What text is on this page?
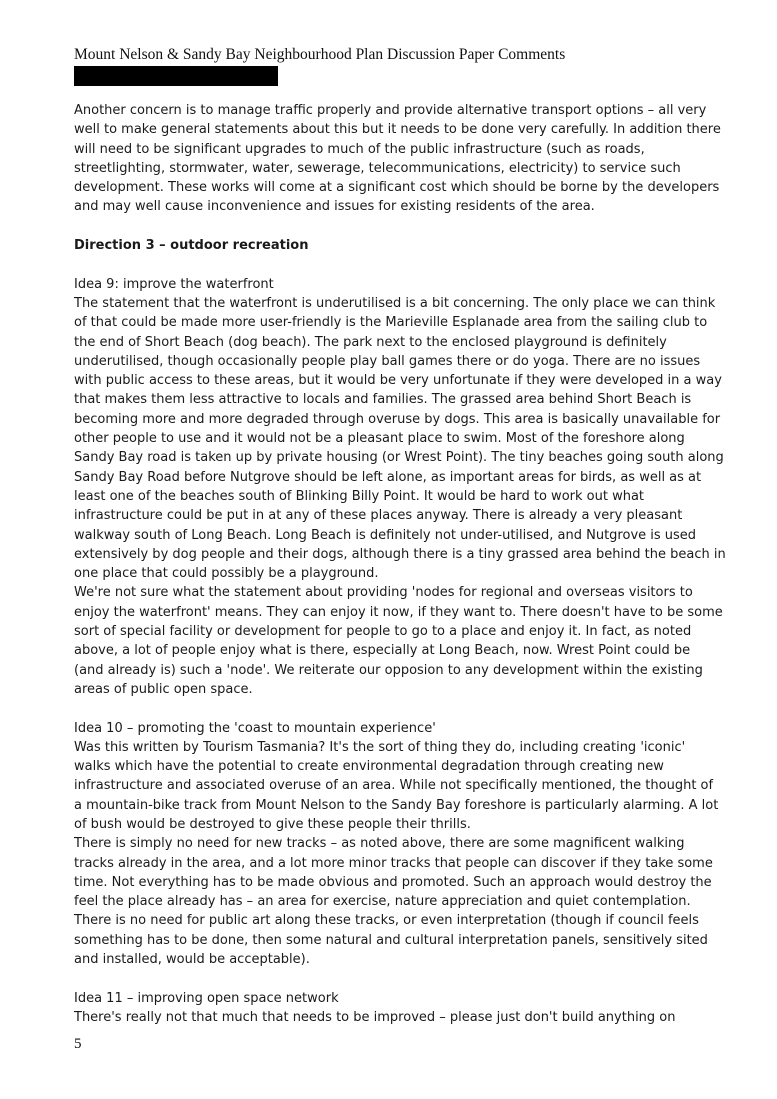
Mount Nelson & Sandy Bay Neighbourhood Plan Discussion Paper Comments

Another concern is to manage traffic properly and provide alternative transport options – all very
well to make general statements about this but it needs to be done very carefully. In addition there
will need to be significant upgrades to much of the public infrastructure (such as roads,
streetlighting, stormwater, water, sewerage, telecommunications, electricity) to service such
development. These works will come at a significant cost which should be borne by the developers
and may well cause inconvenience and issues for existing residents of the area.

Direction 3 – outdoor recreation

Idea 9: improve the waterfront
The statement that the waterfront is underutilised is a bit concerning. The only place we can think
of that could be made more user-friendly is the Marieville Esplanade area from the sailing club to
the end of Short Beach (dog beach). The park next to the enclosed playground is definitely
underutilised, though occasionally people play ball games there or do yoga. There are no issues
with public access to these areas, but it would be very unfortunate if they were developed in a way
that makes them less attractive to locals and families. The grassed area behind Short Beach is
becoming more and more degraded through overuse by dogs. This area is basically unavailable for
other people to use and it would not be a pleasant place to swim. Most of the foreshore along
Sandy Bay road is taken up by private housing (or Wrest Point). The tiny beaches going south along
Sandy Bay Road before Nutgrove should be left alone, as important areas for birds, as well as at
least one of the beaches south of Blinking Billy Point. It would be hard to work out what
infrastructure could be put in at any of these places anyway. There is already a very pleasant
walkway south of Long Beach. Long Beach is definitely not under-utilised, and Nutgrove is used
extensively by dog people and their dogs, although there is a tiny grassed area behind the beach in
one place that could possibly be a playground.
We're not sure what the statement about providing 'nodes for regional and overseas visitors to
enjoy the waterfront' means. They can enjoy it now, if they want to. There doesn't have to be some
sort of special facility or development for people to go to a place and enjoy it. In fact, as noted
above, a lot of people enjoy what is there, especially at Long Beach, now. Wrest Point could be
(and already is) such a 'node'. We reiterate our opposion to any development within the existing
areas of public open space.

Idea 10 – promoting the 'coast to mountain experience'
Was this written by Tourism Tasmania? It's the sort of thing they do, including creating 'iconic'
walks which have the potential to create environmental degradation through creating new
infrastructure and associated overuse of an area. While not specifically mentioned, the thought of
a mountain-bike track from Mount Nelson to the Sandy Bay foreshore is particularly alarming. A lot
of bush would be destroyed to give these people their thrills.
There is simply no need for new tracks – as noted above, there are some magnificent walking
tracks already in the area, and a lot more minor tracks that people can discover if they take some
time. Not everything has to be made obvious and promoted. Such an approach would destroy the
feel the place already has – an area for exercise, nature appreciation and quiet contemplation.
There is no need for public art along these tracks, or even interpretation (though if council feels
something has to be done, then some natural and cultural interpretation panels, sensitively sited
and installed, would be acceptable).

Idea 11 – improving open space network
There's really not that much that needs to be improved – please just don't build anything on

5
